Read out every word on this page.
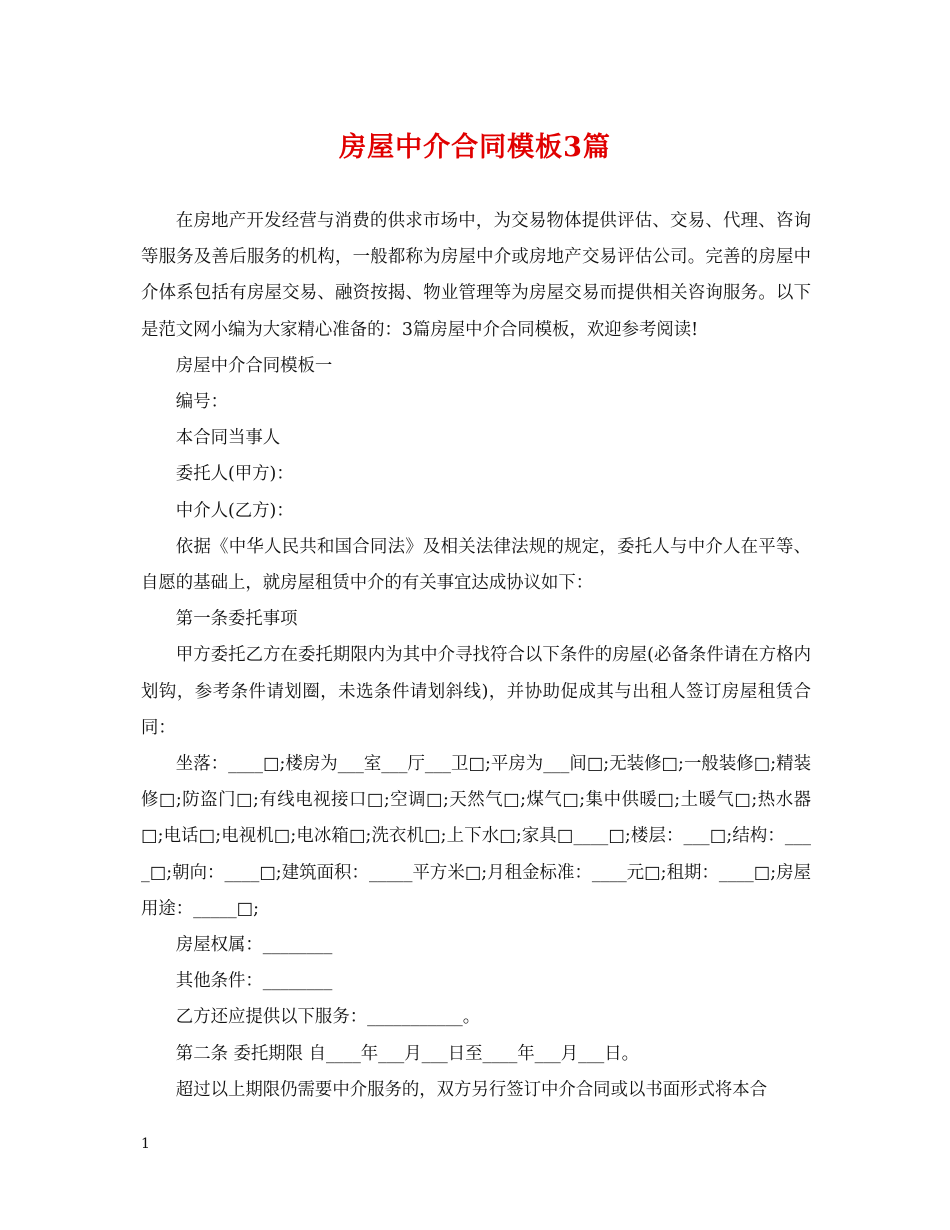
房屋中介合同模板3篇

在房地产开发经营与消费的供求市场中，为交易物体提供评估、交易、代理、咨询等服务及善后服务的机构，一般都称为房屋中介或房地产交易评估公司。完善的房屋中介体系包括有房屋交易、融资按揭、物业管理等为房屋交易而提供相关咨询服务。以下是范文网小编为大家精心准备的：3篇房屋中介合同模板，欢迎参考阅读!

房屋中介合同模板一

编号：

本合同当事人

委托人(甲方)：

中介人(乙方)：

依据《中华人民共和国合同法》及相关法律法规的规定，委托人与中介人在平等、自愿的基础上，就房屋租赁中介的有关事宜达成协议如下：

第一条委托事项

甲方委托乙方在委托期限内为其中介寻找符合以下条件的房屋(必备条件请在方格内划钩，参考条件请划圈，未选条件请划斜线)，并协助促成其与出租人签订房屋租赁合同：

坐落：____□;楼房为___室___厅___卫□;平房为___间□;无装修□;一般装修□;精装修□;防盗门□;有线电视接口□;空调□;天然气□;煤气□;集中供暖□;土暖气□;热水器□;电话□;电视机□;电冰箱□;洗衣机□;上下水□;家具□____□;楼层：___□;结构：____□;朝向：____□;建筑面积：_____平方米□;月租金标准：____元□;租期：____□;房屋用途：_____□;

房屋权属：________

其他条件：________

乙方还应提供以下服务：___________。

第二条 委托期限 自____年___月___日至____年___月___日。

超过以上期限仍需要中介服务的，双方另行签订中介合同或以书面形式将本合

1
